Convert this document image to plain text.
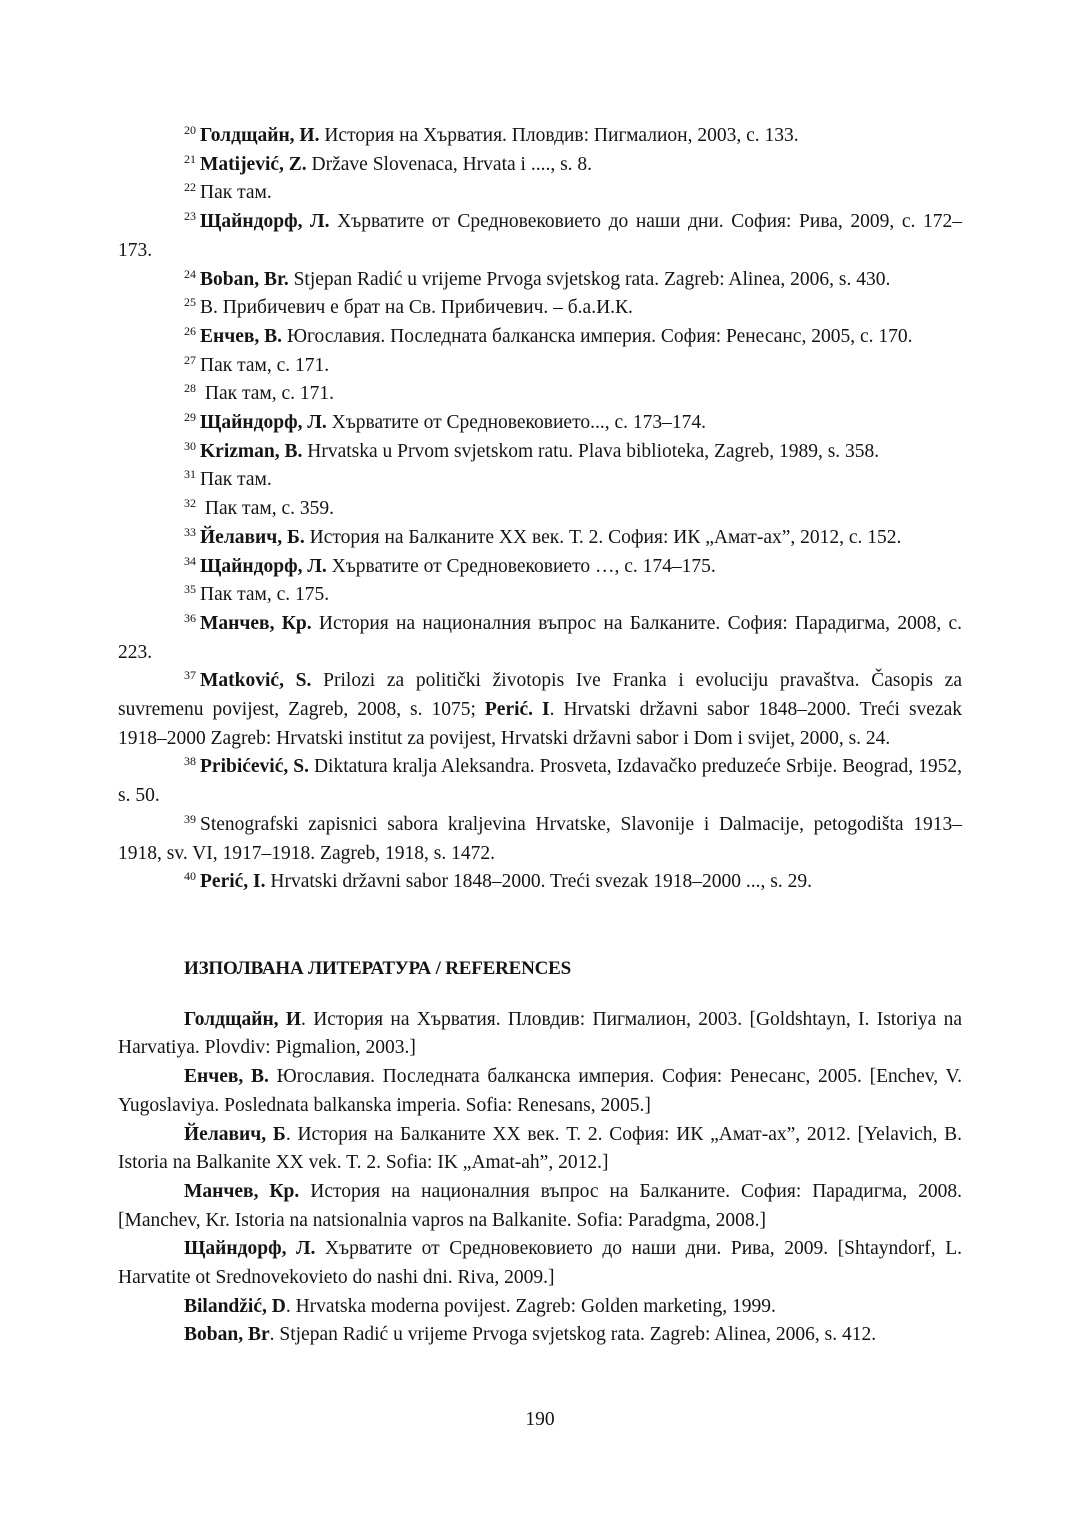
$^{20}$ Голдщайн, И. История на Хърватия. Пловдив: Пигмалион, 2003, с. 133.

$^{21}$ Matijević, Z. Države Slovenaca, Hrvata i ...., s. 8.

$^{22}$ Пак там.

$^{23}$ Щайндорф, Л. Хърватите от Средновековието до наши дни. София: Рива, 2009, с. 172–173.

$^{24}$ Boban, Br. Stjepan Radić u vrijeme Prvoga svjetskog rata. Zagreb: Alinea, 2006, s. 430.

$^{25}$ В. Прибичевич е брат на Св. Прибичевич. – б.а.И.К.

$^{26}$ Енчев, В. Югославия. Последната балканска империя. София: Ренесанс, 2005, с. 170.

$^{27}$ Пак там, с. 171.

$^{28}$ Пак там, с. 171.

$^{29}$ Щайндорф, Л. Хърватите от Средновековието..., с. 173–174.

$^{30}$ Krizman, B. Hrvatska u Prvom svjetskom ratu. Plava biblioteka, Zagreb, 1989, s. 358.

$^{31}$ Пак там.

$^{32}$ Пак там, с. 359.

$^{33}$ Йелавич, Б. История на Балканите XX век. Т. 2. София: ИК „Амат-ах”, 2012, с. 152.

$^{34}$ Щайндорф, Л. Хърватите от Средновековието …, с. 174–175.

$^{35}$ Пак там, с. 175.

$^{36}$ Манчев, Кр. История на националния въпрос на Балканите. София: Парадигма, 2008, с. 223.

$^{37}$ Matković, S. Prilozi za politički životopis Ive Franka i evoluciju pravaštva. Časopis za suvremenu povijest, Zagreb, 2008, s. 1075; Perić. I. Hrvatski državni sabor 1848–2000. Treći svezak 1918–2000 Zagreb: Hrvatski institut za povijest, Hrvatski državni sabor i Dom i svijet, 2000, s. 24.

$^{38}$ Pribićević, S. Diktatura kralja Aleksandra. Prosveta, Izdavačko preduzeće Srbije. Beograd, 1952, s. 50.

$^{39}$ Stenografski zapisnici sabora kraljevina Hrvatske, Slavonije i Dalmacije, petogodišta 1913–1918, sv. VI, 1917–1918. Zagreb, 1918, s. 1472.

$^{40}$ Perić, I. Hrvatski državni sabor 1848–2000. Treći svezak 1918–2000 ..., s. 29.

ИЗПОЛВАНА ЛИТЕРАТУРА / REFERENCES

Голдщайн, И. История на Хърватия. Пловдив: Пигмалион, 2003. [Goldshtayn, I. Istoriya na Harvatiya. Plovdiv: Pigmalion, 2003.]

Енчев, В. Югославия. Последната балканска империя. София: Ренесанс, 2005. [Enchev, V. Yugoslaviya. Poslednata balkanska imperia. Sofia: Renesans, 2005.]

Йелавич, Б. История на Балканите XX век. Т. 2. София: ИК „Амат-ах”, 2012. [Yelavich, B. Istoria na Balkanite XX vek. T. 2. Sofia: IK „Amat-ah”, 2012.]

Манчев, Кр. История на националния въпрос на Балканите. София: Парадигма, 2008. [Manchev, Kr. Istoria na natsionalnia vapros na Balkanite. Sofia: Paradgma, 2008.]

Щайндорф, Л. Хърватите от Средновековието до наши дни. Рива, 2009. [Shtayndorf, L. Harvatite ot Srednovekovieto do nashi dni. Riva, 2009.]

Bilandžić, D. Hrvatska moderna povijest. Zagreb: Golden marketing, 1999.

Boban, Br. Stjepan Radić u vrijeme Prvoga svjetskog rata. Zagreb: Alinea, 2006, s. 412.

190
